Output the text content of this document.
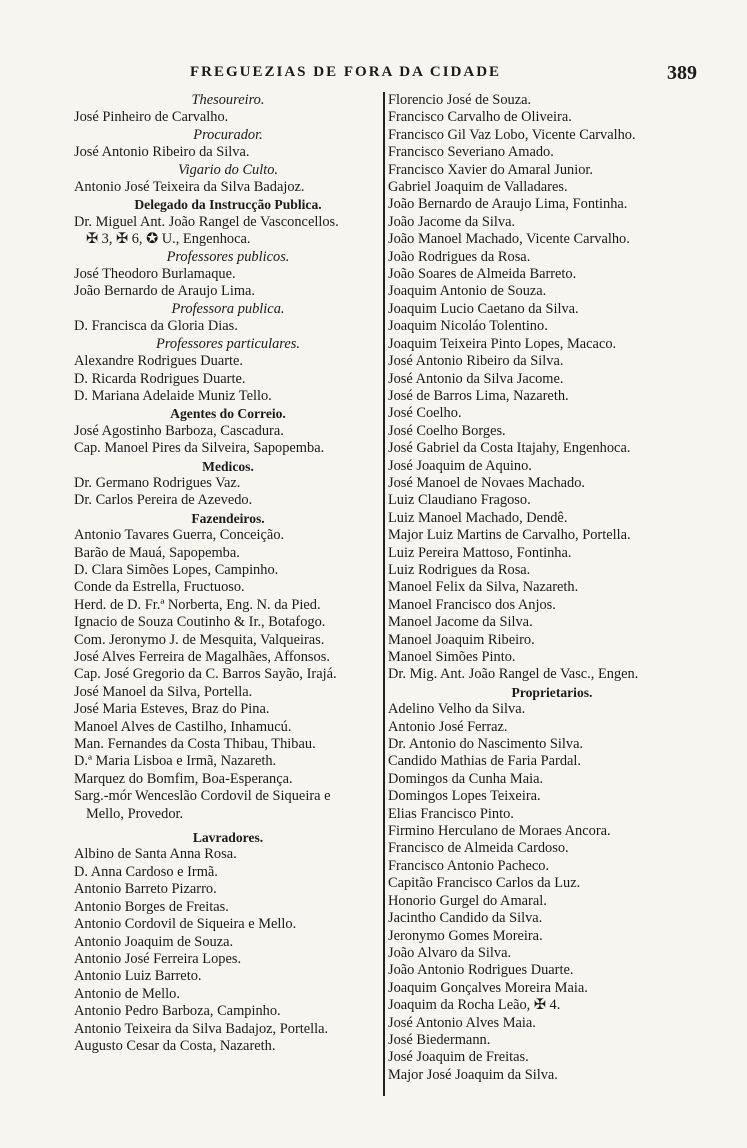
FREGUEZIAS DE FORA DA CIDADE	389
Thesoureiro.
José Pinheiro de Carvalho.
Procurador.
José Antonio Ribeiro da Silva.
Vigario do Culto.
Antonio José Teixeira da Silva Badajoz.
Delegado da Instrucção Publica.
Dr. Miguel Ant. João Rangel de Vasconcellos.
✠ 3, ✠ 6, ✪ U., Engenhoca.
Professores publicos.
José Theodoro Burlamaque.
João Bernardo de Araujo Lima.
Professora publica.
D. Francisca da Gloria Dias.
Professores particulares.
Alexandre Rodrigues Duarte.
D. Ricarda Rodrigues Duarte.
D. Mariana Adelaide Muniz Tello.
Agentes do Correio.
José Agostinho Barboza, Cascadura.
Cap. Manoel Pires da Silveira, Sapopemba.
Medicos.
Dr. Germano Rodrigues Vaz.
Dr. Carlos Pereira de Azevedo.
Fazendeiros.
Antonio Tavares Guerra, Conceição.
Barão de Mauá, Sapopemba.
D. Clara Simões Lopes, Campinho.
Conde da Estrella, Fructuoso.
Herd. de D. Fr.ª Norberta, Eng. N. da Pied.
Ignacio de Souza Coutinho & Ir., Botafogo.
Com. Jeronymo J. de Mesquita, Valqueiras.
José Alves Ferreira de Magalhães, Affonsos.
Cap. José Gregorio da C. Barros Sayão, Irajá.
José Manoel da Silva, Portella.
José Maria Esteves, Braz do Pina.
Manoel Alves de Castilho, Inhamucú.
Man. Fernandes da Costa Thibau, Thibau.
D.ª Maria Lisboa e Irmã, Nazareth.
Marquez do Bomfim, Boa-Esperança.
Sarg.-mór Wenceslão Cordovil de Siqueira e
Mello, Provedor.
Lavradores.
Albino de Santa Anna Rosa.
D. Anna Cardoso e Irmã.
Antonio Barreto Pizarro.
Antonio Borges de Freitas.
Antonio Cordovil de Siqueira e Mello.
Antonio Joaquim de Souza.
Antonio José Ferreira Lopes.
Antonio Luiz Barreto.
Antonio de Mello.
Antonio Pedro Barboza, Campinho.
Antonio Teixeira da Silva Badajoz, Portella.
Augusto Cesar da Costa, Nazareth.
Florencio José de Souza.
Francisco Carvalho de Oliveira.
Francisco Gil Vaz Lobo, Vicente Carvalho.
Francisco Severiano Amado.
Francisco Xavier do Amaral Junior.
Gabriel Joaquim de Valladares.
João Bernardo de Araujo Lima, Fontinha.
João Jacome da Silva.
João Manoel Machado, Vicente Carvalho.
João Rodrigues da Rosa.
João Soares de Almeida Barreto.
Joaquim Antonio de Souza.
Joaquim Lucio Caetano da Silva.
Joaquim Nicoláo Tolentino.
Joaquim Teixeira Pinto Lopes, Macaco.
José Antonio Ribeiro da Silva.
José Antonio da Silva Jacome.
José de Barros Lima, Nazareth.
José Coelho.
José Coelho Borges.
José Gabriel da Costa Itajahy, Engenhoca.
José Joaquim de Aquino.
José Manoel de Novaes Machado.
Luiz Claudiano Fragoso.
Luiz Manoel Machado, Dendê.
Major Luiz Martins de Carvalho, Portella.
Luiz Pereira Mattoso, Fontinha.
Luiz Rodrigues da Rosa.
Manoel Felix da Silva, Nazareth.
Manoel Francisco dos Anjos.
Manoel Jacome da Silva.
Manoel Joaquim Ribeiro.
Manoel Simões Pinto.
Dr. Mig. Ant. João Rangel de Vasc., Engen.
Proprietarios.
Adelino Velho da Silva.
Antonio José Ferraz.
Dr. Antonio do Nascimento Silva.
Candido Mathias de Faria Pardal.
Domingos da Cunha Maia.
Domingos Lopes Teixeira.
Elias Francisco Pinto.
Firmino Herculano de Moraes Ancora.
Francisco de Almeida Cardoso.
Francisco Antonio Pacheco.
Capitão Francisco Carlos da Luz.
Honorio Gurgel do Amaral.
Jacintho Candido da Silva.
Jeronymo Gomes Moreira.
João Alvaro da Silva.
João Antonio Rodrigues Duarte.
Joaquim Gonçalves Moreira Maia.
Joaquim da Rocha Leão, ✠ 4.
José Antonio Alves Maia.
José Biedermann.
José Joaquim de Freitas.
Major José Joaquim da Silva.
